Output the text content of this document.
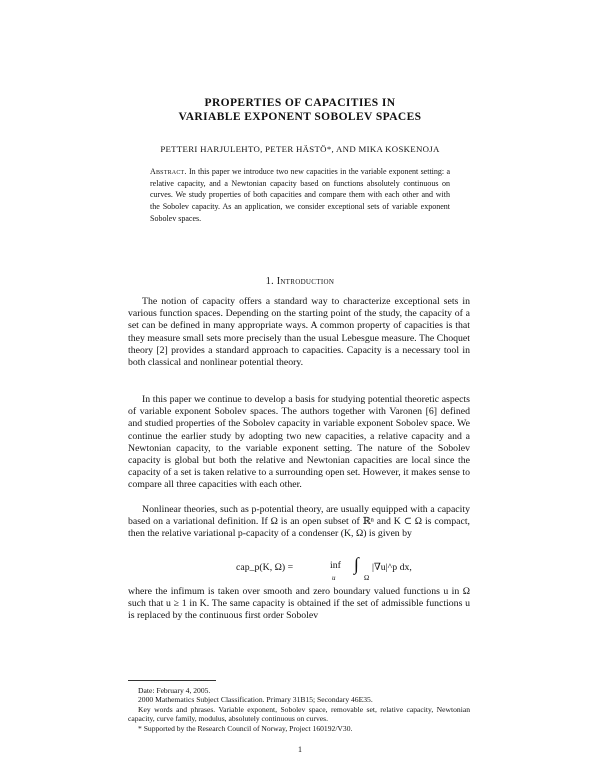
PROPERTIES OF CAPACITIES IN
VARIABLE EXPONENT SOBOLEV SPACES
PETTERI HARJULEHTO, PETER HÄSTÖ*, AND MIKA KOSKENOJA
Abstract. In this paper we introduce two new capacities in the variable exponent setting: a relative capacity, and a Newtonian capacity based on functions absolutely continuous on curves. We study properties of both capacities and compare them with each other and with the Sobolev capacity. As an application, we consider exceptional sets of variable exponent Sobolev spaces.
1. Introduction

The notion of capacity offers a standard way to characterize exceptional sets in various function spaces. Depending on the starting point of the study, the capacity of a set can be defined in many appropriate ways. A common property of capacities is that they measure small sets more precisely than the usual Lebesgue measure. The Choquet theory [2] provides a standard approach to capacities. Capacity is a necessary tool in both classical and nonlinear potential theory.

In this paper we continue to develop a basis for studying potential theoretic aspects of variable exponent Sobolev spaces. The authors together with Varonen [6] defined and studied properties of the Sobolev capacity in variable exponent Sobolev space. We continue the earlier study by adopting two new capacities, a relative capacity and a Newtonian capacity, to the variable exponent setting. The nature of the Sobolev capacity is global but both the relative and Newtonian capacities are local since the capacity of a set is taken relative to a surrounding open set. However, it makes sense to compare all three capacities with each other.

Nonlinear theories, such as p-potential theory, are usually equipped with a capacity based on a variational definition. If Ω is an open subset of ℝⁿ and K ⊂ Ω is compact, then the relative variational p-capacity of a condenser (K, Ω) is given by

cap_p(K, Ω) =	inf
u
∫
Ω
|∇u|^p dx,

where the infimum is taken over smooth and zero boundary valued functions u in Ω such that u ≥ 1 in K. The same capacity is obtained if the set of admissible functions u is replaced by the continuous first order Sobolev

Date: February 4, 2005.
2000 Mathematics Subject Classification. Primary 31B15; Secondary 46E35.
Key words and phrases. Variable exponent, Sobolev space, removable set, relative capacity, Newtonian capacity, curve family, modulus, absolutely continuous on curves.
* Supported by the Research Council of Norway, Project 160192/V30.
1
